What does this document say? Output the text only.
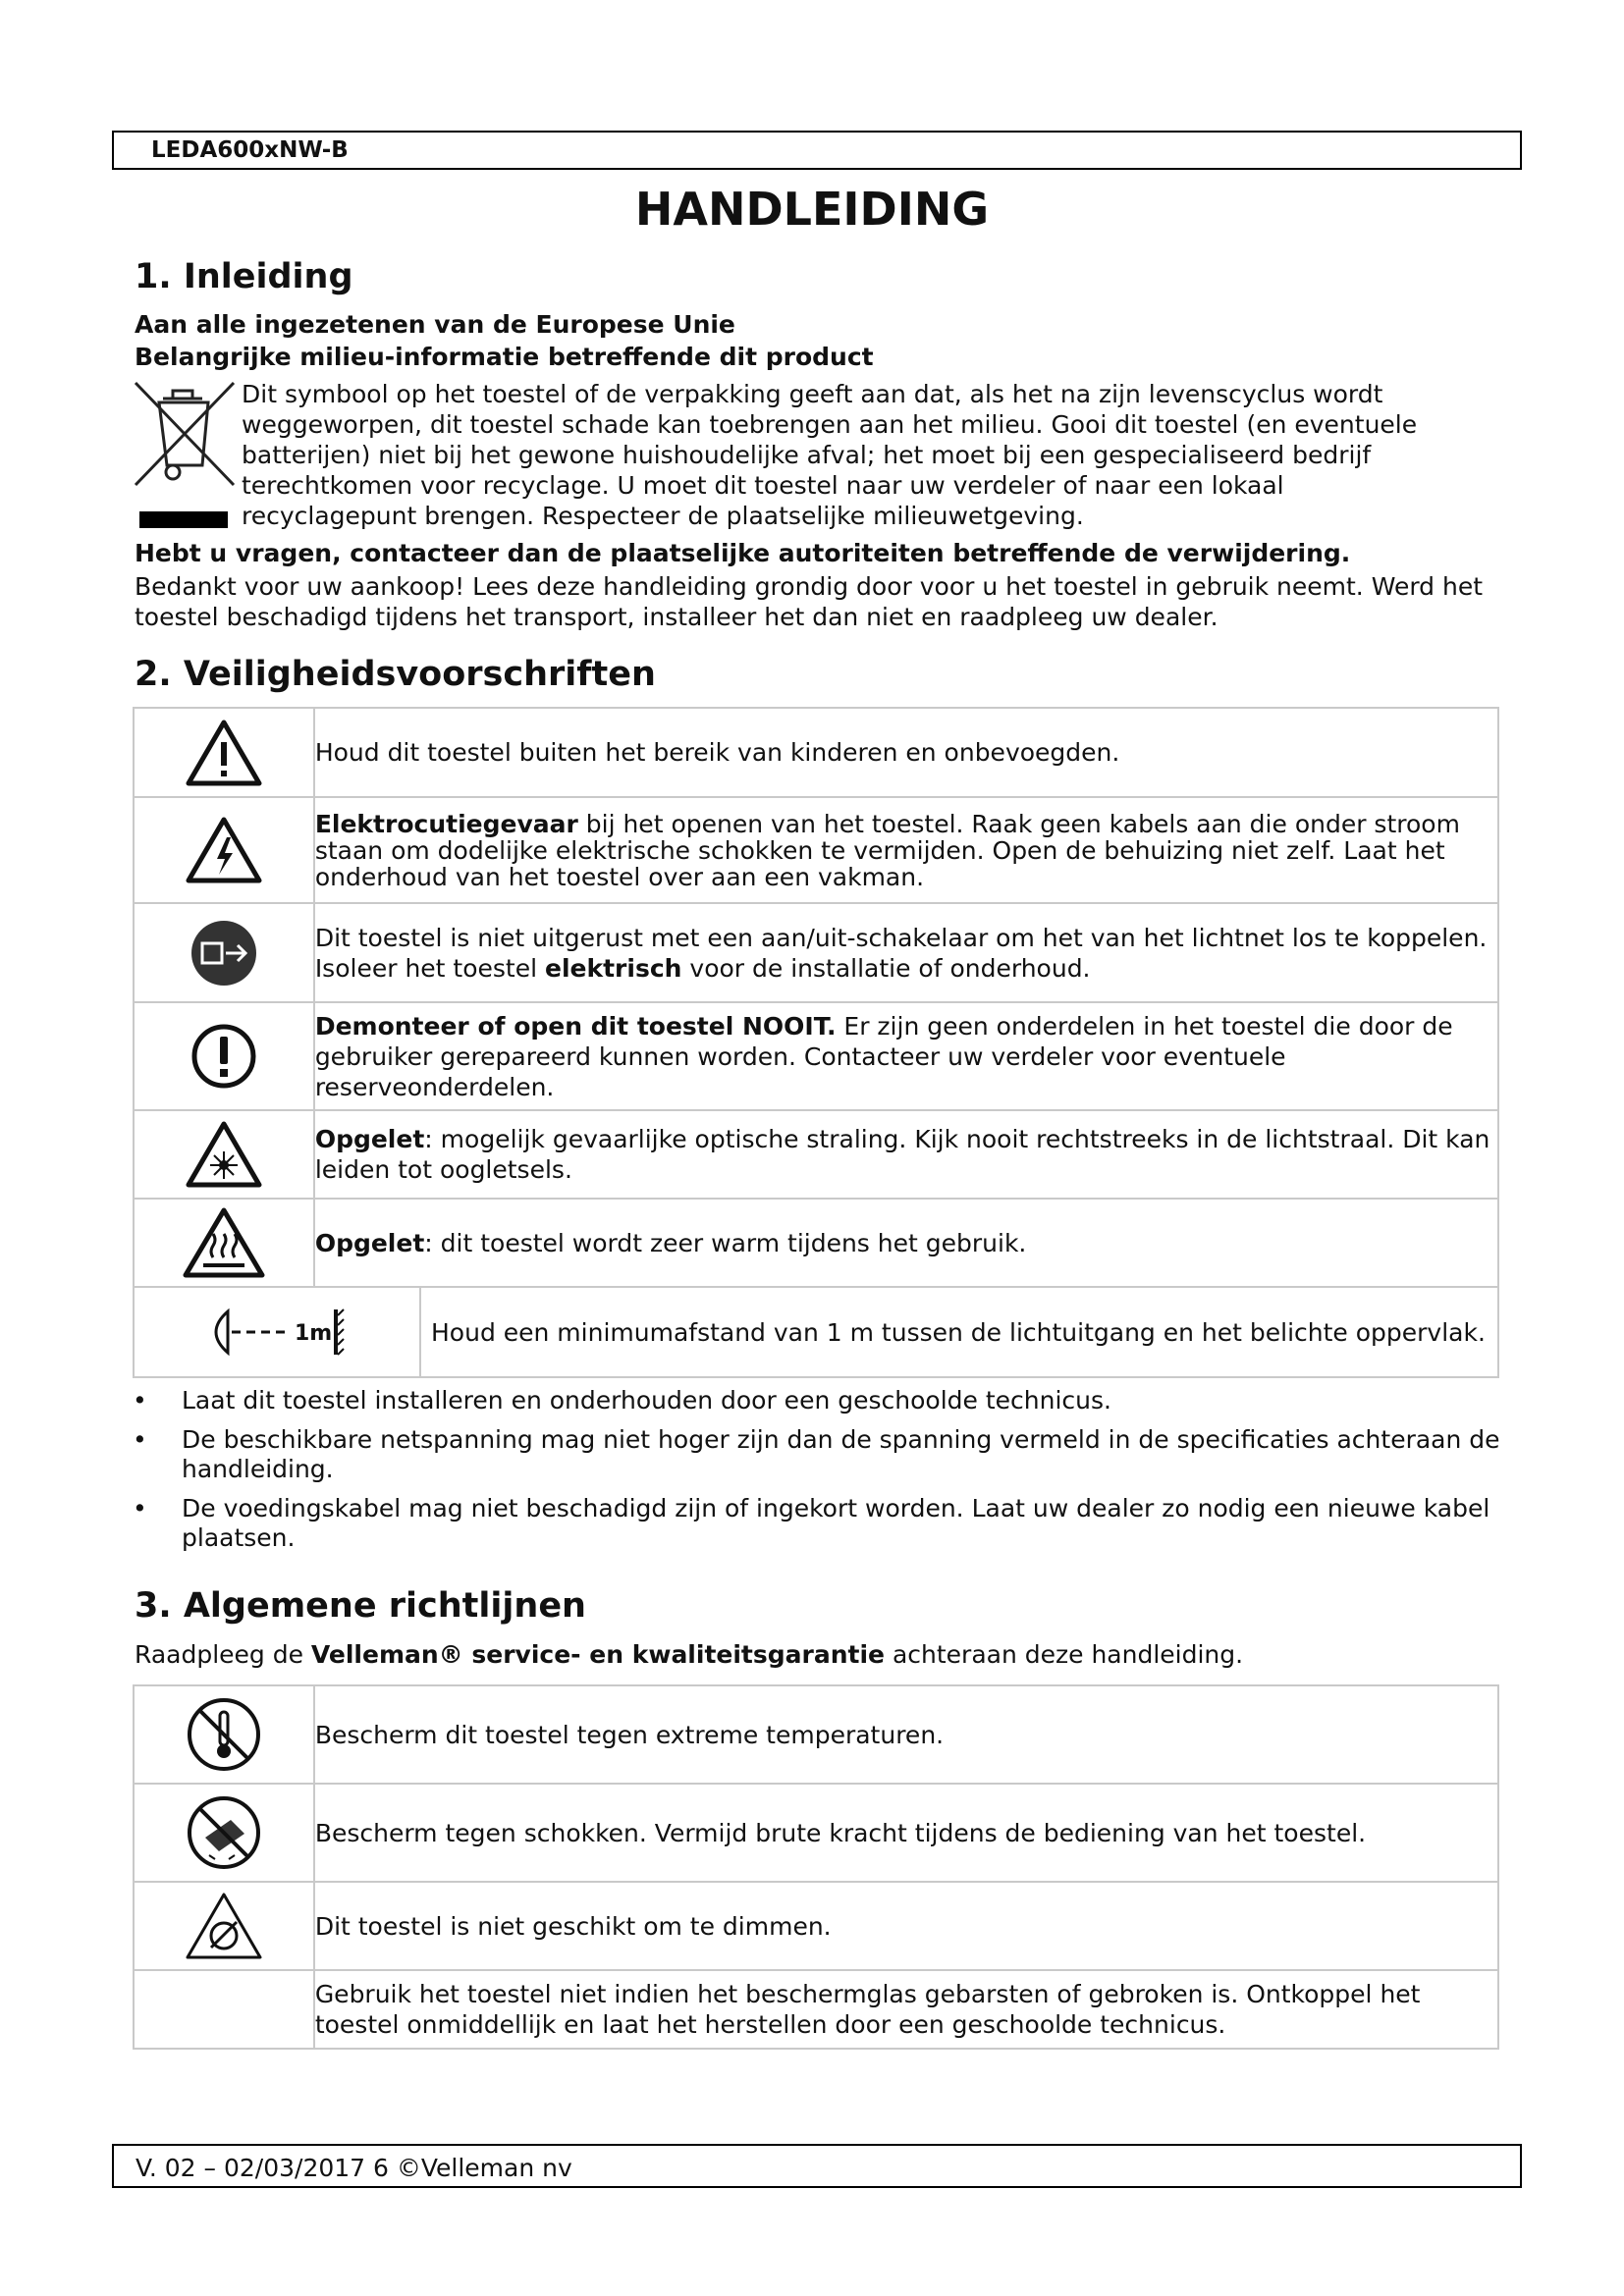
LEDA600xNW-B
HANDLEIDING
1. Inleiding
Aan alle ingezetenen van de Europese Unie
Belangrijke milieu-informatie betreffende dit product
Dit symbool op het toestel of de verpakking geeft aan dat, als het na zijn levenscyclus wordt weggeworpen, dit toestel schade kan toebrengen aan het milieu. Gooi dit toestel (en eventuele batterijen) niet bij het gewone huishoudelijke afval; het moet bij een gespecialiseerd bedrijf terechtkomen voor recyclage. U moet dit toestel naar uw verdeler of naar een lokaal recyclagepunt brengen. Respecteer de plaatselijke milieuwetgeving.
Hebt u vragen, contacteer dan de plaatselijke autoriteiten betreffende de verwijdering.
Bedankt voor uw aankoop! Lees deze handleiding grondig door voor u het toestel in gebruik neemt. Werd het toestel beschadigd tijdens het transport, installeer het dan niet en raadpleeg uw dealer.
2. Veiligheidsvoorschriften
	Houd dit toestel buiten het bereik van kinderen en onbevoegden.

	Elektrocutiegevaar bij het openen van het toestel. Raak geen kabels aan die onder stroom staan om dodelijke elektrische schokken te vermijden. Open de behuizing niet zelf. Laat het onderhoud van het toestel over aan een vakman.

	Dit toestel is niet uitgerust met een aan/uit-schakelaar om het van het lichtnet los te koppelen. Isoleer het toestel elektrisch voor de installatie of onderhoud.

	Demonteer of open dit toestel NOOIT. Er zijn geen onderdelen in het toestel die door de gebruiker gerepareerd kunnen worden. Contacteer uw verdeler voor eventuele reserveonderdelen.

	Opgelet: mogelijk gevaarlijke optische straling. Kijk nooit rechtstreeks in de lichtstraal. Dit kan leiden tot oogletsels.

	Opgelet: dit toestel wordt zeer warm tijdens het gebruik.

1m Houd een minimumafstand van 1 m tussen de lichtuitgang en het belichte oppervlak.	
• Laat dit toestel installeren en onderhouden door een geschoolde technicus.
• De beschikbare netspanning mag niet hoger zijn dan de spanning vermeld in de specificaties achteraan de handleiding.
• De voedingskabel mag niet beschadigd zijn of ingekort worden. Laat uw dealer zo nodig een nieuwe kabel plaatsen.
3. Algemene richtlijnen
Raadpleeg de Velleman® service- en kwaliteitsgarantie achteraan deze handleiding.
	Bescherm dit toestel tegen extreme temperaturen.

	Bescherm tegen schokken. Vermijd brute kracht tijdens de bediening van het toestel.

	Dit toestel is niet geschikt om te dimmen.
	Gebruik het toestel niet indien het beschermglas gebarsten of gebroken is. Ontkoppel het toestel onmiddellijk en laat het herstellen door een geschoolde technicus.
V. 02 – 02/03/2017 6 ©Velleman nv
